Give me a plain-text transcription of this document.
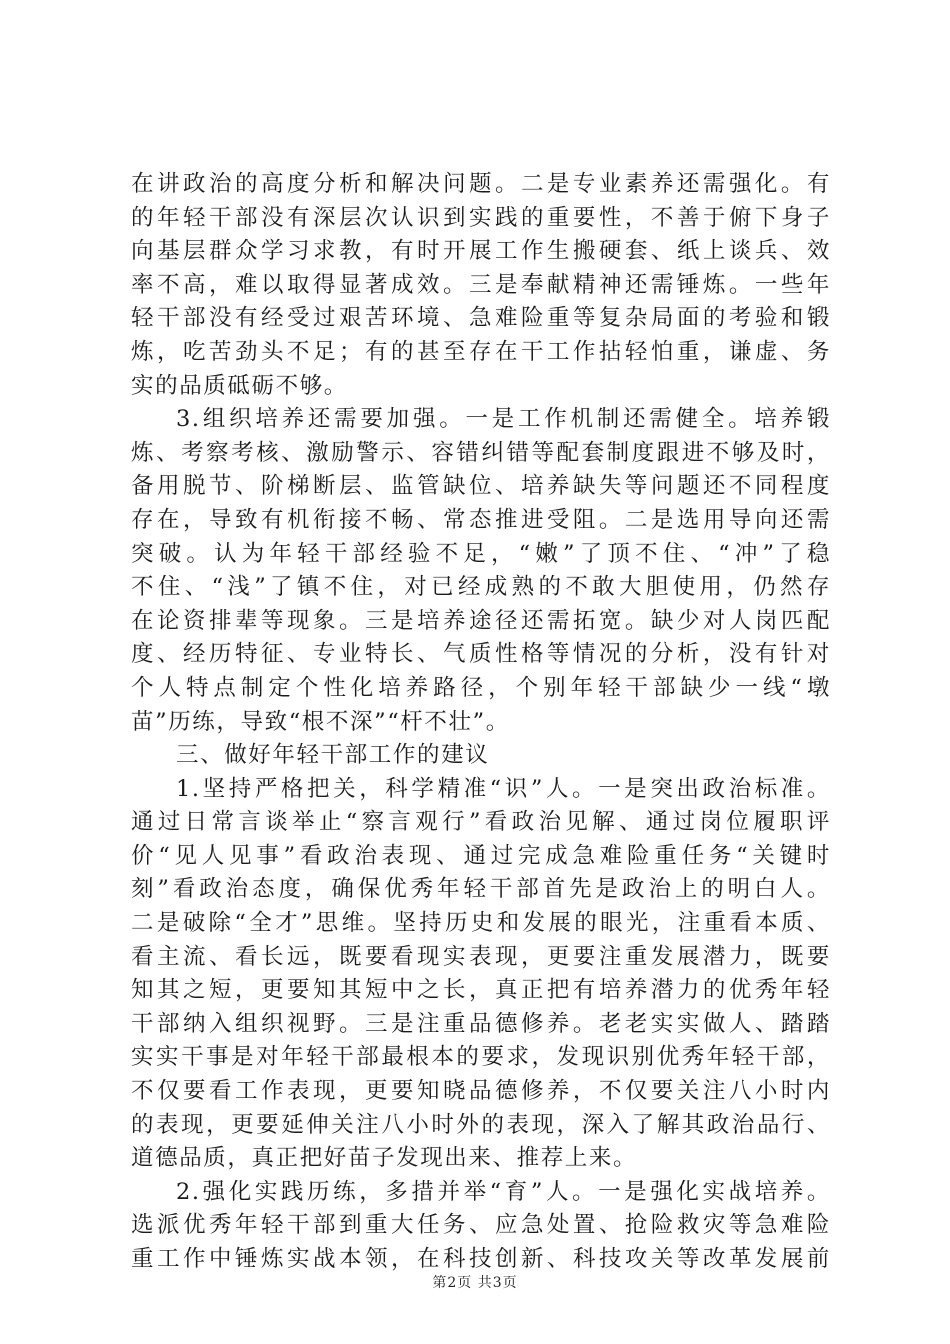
在讲政治的高度分析和解决问题。二是专业素养还需强化。有
的年轻干部没有深层次认识到实践的重要性，不善于俯下身子
向基层群众学习求教，有时开展工作生搬硬套、纸上谈兵、效
率不高，难以取得显著成效。三是奉献精神还需锤炼。一些年
轻干部没有经受过艰苦环境、急难险重等复杂局面的考验和锻
炼，吃苦劲头不足；有的甚至存在干工作拈轻怕重，谦虚、务
实的品质砥砺不够。
3.组织培养还需要加强。一是工作机制还需健全。培养锻
炼、考察考核、激励警示、容错纠错等配套制度跟进不够及时，
备用脱节、阶梯断层、监管缺位、培养缺失等问题还不同程度
存在，导致有机衔接不畅、常态推进受阻。二是选用导向还需
突破。认为年轻干部经验不足，“嫩”了顶不住、“冲”了稳
不住、“浅”了镇不住，对已经成熟的不敢大胆使用，仍然存
在论资排辈等现象。三是培养途径还需拓宽。缺少对人岗匹配
度、经历特征、专业特长、气质性格等情况的分析，没有针对
个人特点制定个性化培养路径，个别年轻干部缺少一线“墩
苗”历练，导致“根不深”“杆不壮”。
三、做好年轻干部工作的建议
1.坚持严格把关，科学精准“识”人。一是突出政治标准。
通过日常言谈举止“察言观行”看政治见解、通过岗位履职评
价“见人见事”看政治表现、通过完成急难险重任务“关键时
刻”看政治态度，确保优秀年轻干部首先是政治上的明白人。
二是破除“全才”思维。坚持历史和发展的眼光，注重看本质、
看主流、看长远，既要看现实表现，更要注重发展潜力，既要
知其之短，更要知其短中之长，真正把有培养潜力的优秀年轻
干部纳入组织视野。三是注重品德修养。老老实实做人、踏踏
实实干事是对年轻干部最根本的要求，发现识别优秀年轻干部，
不仅要看工作表现，更要知晓品德修养，不仅要关注八小时内
的表现，更要延伸关注八小时外的表现，深入了解其政治品行、
道德品质，真正把好苗子发现出来、推荐上来。
2.强化实践历练，多措并举“育”人。一是强化实战培养。
选派优秀年轻干部到重大任务、应急处置、抢险救灾等急难险
重工作中锤炼实战本领，在科技创新、科技攻关等改革发展前
第2页 共3页
